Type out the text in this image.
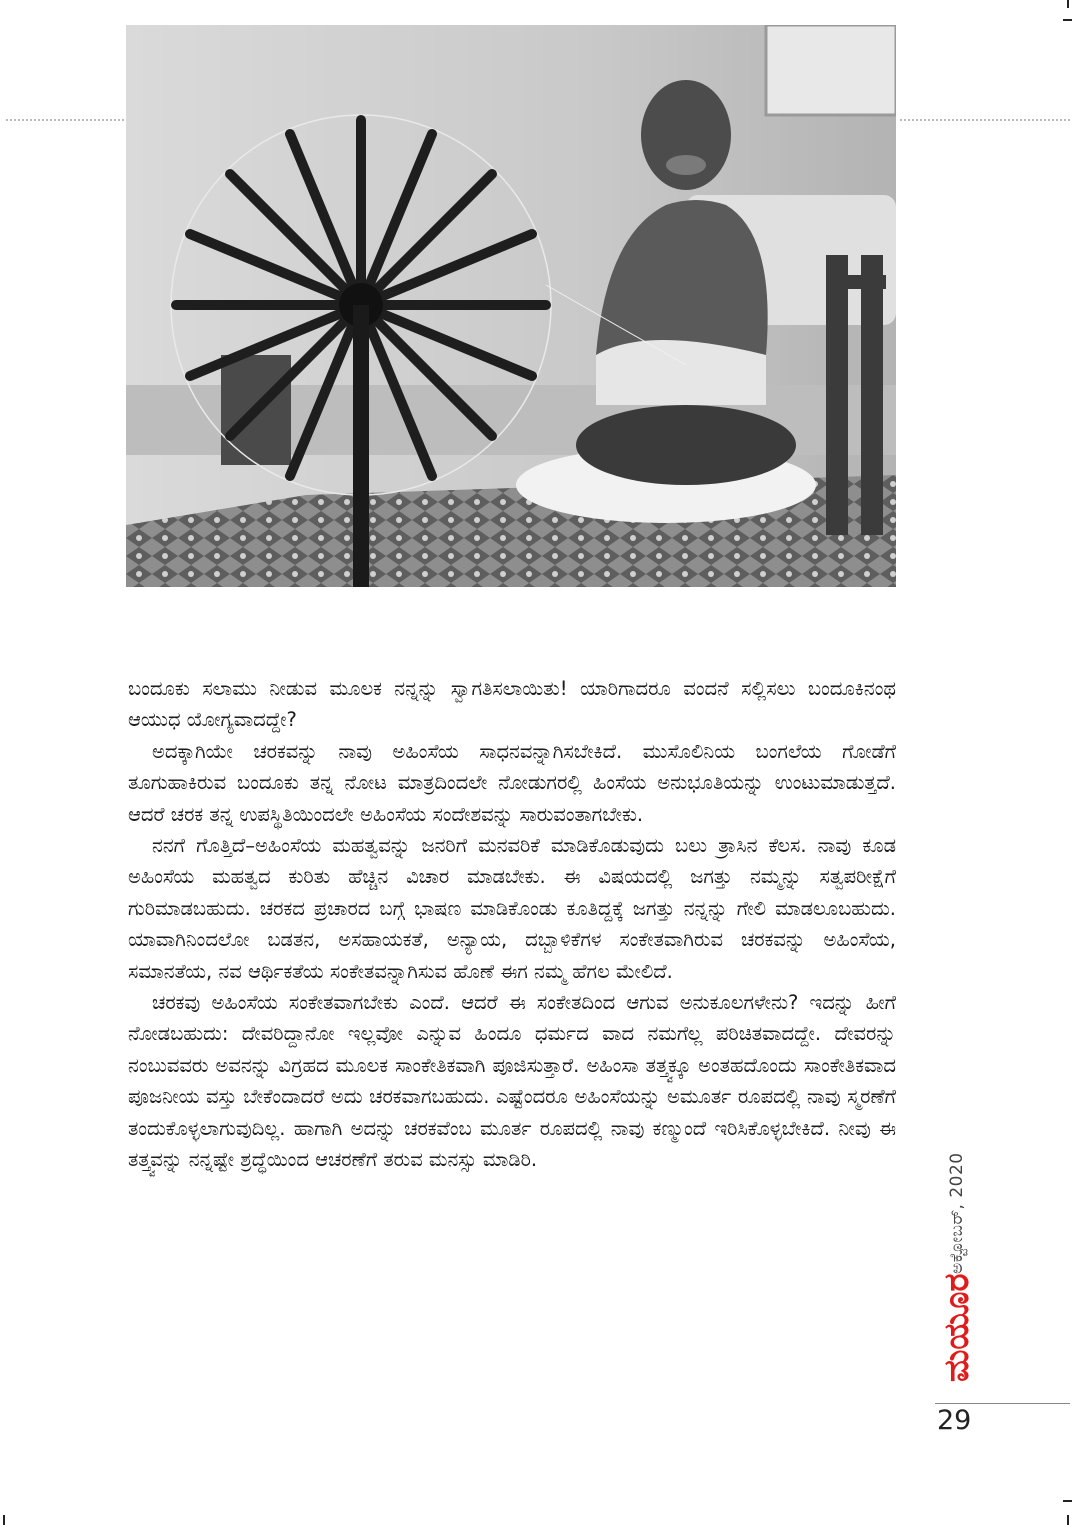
ಬಂದೂಕು ಸಲಾಮು ನೀಡುವ ಮೂಲಕ ನನ್ನನ್ನು ಸ್ವಾಗತಿಸಲಾಯಿತು! ಯಾರಿಗಾದರೂ ವಂದನೆ ಸಲ್ಲಿಸಲು ಬಂದೂಕಿನಂಥ ಆಯುಧ ಯೋಗ್ಯವಾದದ್ದೇ?

ಅದಕ್ಕಾಗಿಯೇ ಚರಕವನ್ನು ನಾವು ಅಹಿಂಸೆಯ ಸಾಧನವನ್ನಾಗಿಸಬೇಕಿದೆ. ಮುಸೊಲಿನಿಯ ಬಂಗಲೆಯ ಗೋಡೆಗೆ ತೂಗುಹಾಕಿರುವ ಬಂದೂಕು ತನ್ನ ನೋಟ ಮಾತ್ರದಿಂದಲೇ ನೋಡುಗರಲ್ಲಿ ಹಿಂಸೆಯ ಅನುಭೂತಿಯನ್ನು ಉಂಟುಮಾಡುತ್ತದೆ. ಆದರೆ ಚರಕ ತನ್ನ ಉಪಸ್ಥಿತಿಯಿಂದಲೇ ಅಹಿಂಸೆಯ ಸಂದೇಶವನ್ನು ಸಾರುವಂತಾಗಬೇಕು.

ನನಗೆ ಗೊತ್ತಿದೆ–ಅಹಿಂಸೆಯ ಮಹತ್ವವನ್ನು ಜನರಿಗೆ ಮನವರಿಕೆ ಮಾಡಿಕೊಡುವುದು ಬಲು ತ್ರಾಸಿನ ಕೆಲಸ. ನಾವು ಕೂಡ ಅಹಿಂಸೆಯ ಮಹತ್ವದ ಕುರಿತು ಹೆಚ್ಚಿನ ವಿಚಾರ ಮಾಡಬೇಕು. ಈ ವಿಷಯದಲ್ಲಿ ಜಗತ್ತು ನಮ್ಮನ್ನು ಸತ್ವಪರೀಕ್ಷೆಗೆ ಗುರಿಮಾಡಬಹುದು. ಚರಕದ ಪ್ರಚಾರದ ಬಗ್ಗೆ ಭಾಷಣ ಮಾಡಿಕೊಂಡು ಕೂತಿದ್ದಕ್ಕೆ ಜಗತ್ತು ನನ್ನನ್ನು ಗೇಲಿ ಮಾಡಲೂಬಹುದು. ಯಾವಾಗಿನಿಂದಲೋ ಬಡತನ, ಅಸಹಾಯಕತೆ, ಅನ್ಯಾಯ, ದಬ್ಬಾಳಿಕೆಗಳ ಸಂಕೇತವಾಗಿರುವ ಚರಕವನ್ನು ಅಹಿಂಸೆಯ, ಸಮಾನತೆಯ, ನವ ಆರ್ಥಿಕತೆಯ ಸಂಕೇತವನ್ನಾಗಿಸುವ ಹೊಣೆ ಈಗ ನಮ್ಮ ಹೆಗಲ ಮೇಲಿದೆ.

ಚರಕವು ಅಹಿಂಸೆಯ ಸಂಕೇತವಾಗಬೇಕು ಎಂದೆ. ಆದರೆ ಈ ಸಂಕೇತದಿಂದ ಆಗುವ ಅನುಕೂಲಗಳೇನು? ಇದನ್ನು ಹೀಗೆ ನೋಡಬಹುದು: ದೇವರಿದ್ದಾನೋ ಇಲ್ಲವೋ ಎನ್ನುವ ಹಿಂದೂ ಧರ್ಮದ ವಾದ ನಮಗೆಲ್ಲ ಪರಿಚಿತವಾದದ್ದೇ. ದೇವರನ್ನು ನಂಬುವವರು ಅವನನ್ನು ವಿಗ್ರಹದ ಮೂಲಕ ಸಾಂಕೇತಿಕವಾಗಿ ಪೂಜಿಸುತ್ತಾರೆ. ಅಹಿಂಸಾ ತತ್ತ್ವಕ್ಕೂ ಅಂತಹದೊಂದು ಸಾಂಕೇತಿಕವಾದ ಪೂಜನೀಯ ವಸ್ತು ಬೇಕೆಂದಾದರೆ ಅದು ಚರಕವಾಗಬಹುದು. ಎಷ್ಟೆಂದರೂ ಅಹಿಂಸೆಯನ್ನು ಅಮೂರ್ತ ರೂಪದಲ್ಲಿ ನಾವು ಸ್ಮರಣೆಗೆ ತಂದುಕೊಳ್ಳಲಾಗುವುದಿಲ್ಲ. ಹಾಗಾಗಿ ಅದನ್ನು ಚರಕವೆಂಬ ಮೂರ್ತ ರೂಪದಲ್ಲಿ ನಾವು ಕಣ್ಮುಂದೆ ಇರಿಸಿಕೊಳ್ಳಬೇಕಿದೆ. ನೀವು ಈ ತತ್ತ್ವವನ್ನು ನನ್ನಷ್ಟೇ ಶ್ರದ್ಧೆಯಿಂದ ಆಚರಣೆಗೆ ತರುವ ಮನಸ್ಸು ಮಾಡಿರಿ.

ಮಯೂರ
ಅಕ್ಟೋಬರ್, 2020
29
